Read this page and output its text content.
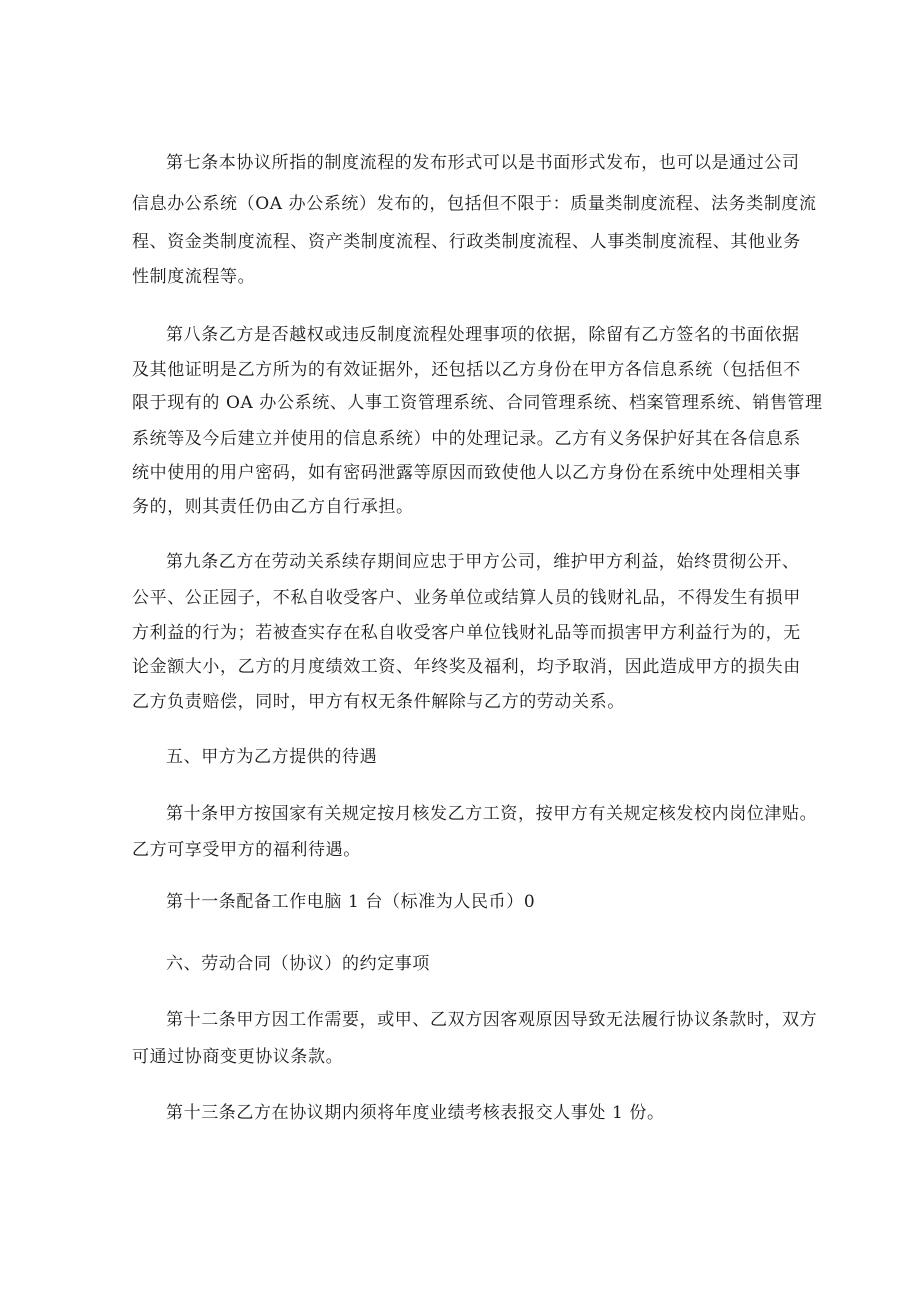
第七条本协议所指的制度流程的发布形式可以是书面形式发布，也可以是通过公司

信息办公系统（OA 办公系统）发布的，包括但不限于：质量类制度流程、法务类制度流

程、资金类制度流程、资产类制度流程、行政类制度流程、人事类制度流程、其他业务

性制度流程等。

第八条乙方是否越权或违反制度流程处理事项的依据，除留有乙方签名的书面依据

及其他证明是乙方所为的有效证据外，还包括以乙方身份在甲方各信息系统（包括但不

限于现有的 OA 办公系统、人事工资管理系统、合同管理系统、档案管理系统、销售管理

系统等及今后建立并使用的信息系统）中的处理记录。乙方有义务保护好其在各信息系

统中使用的用户密码，如有密码泄露等原因而致使他人以乙方身份在系统中处理相关事

务的，则其责任仍由乙方自行承担。

第九条乙方在劳动关系续存期间应忠于甲方公司，维护甲方利益，始终贯彻公开、

公平、公正园子，不私自收受客户、业务单位或结算人员的钱财礼品，不得发生有损甲

方利益的行为；若被查实存在私自收受客户单位钱财礼品等而损害甲方利益行为的，无

论金额大小，乙方的月度绩效工资、年终奖及福利，均予取消，因此造成甲方的损失由

乙方负责赔偿，同时，甲方有权无条件解除与乙方的劳动关系。

五、甲方为乙方提供的待遇

第十条甲方按国家有关规定按月核发乙方工资，按甲方有关规定核发校内岗位津贴。

乙方可享受甲方的福利待遇。

第十一条配备工作电脑 1 台（标准为人民币）0

六、劳动合同（协议）的约定事项

第十二条甲方因工作需要，或甲、乙双方因客观原因导致无法履行协议条款时，双方

可通过协商变更协议条款。

第十三条乙方在协议期内须将年度业绩考核表报交人事处 1 份。
